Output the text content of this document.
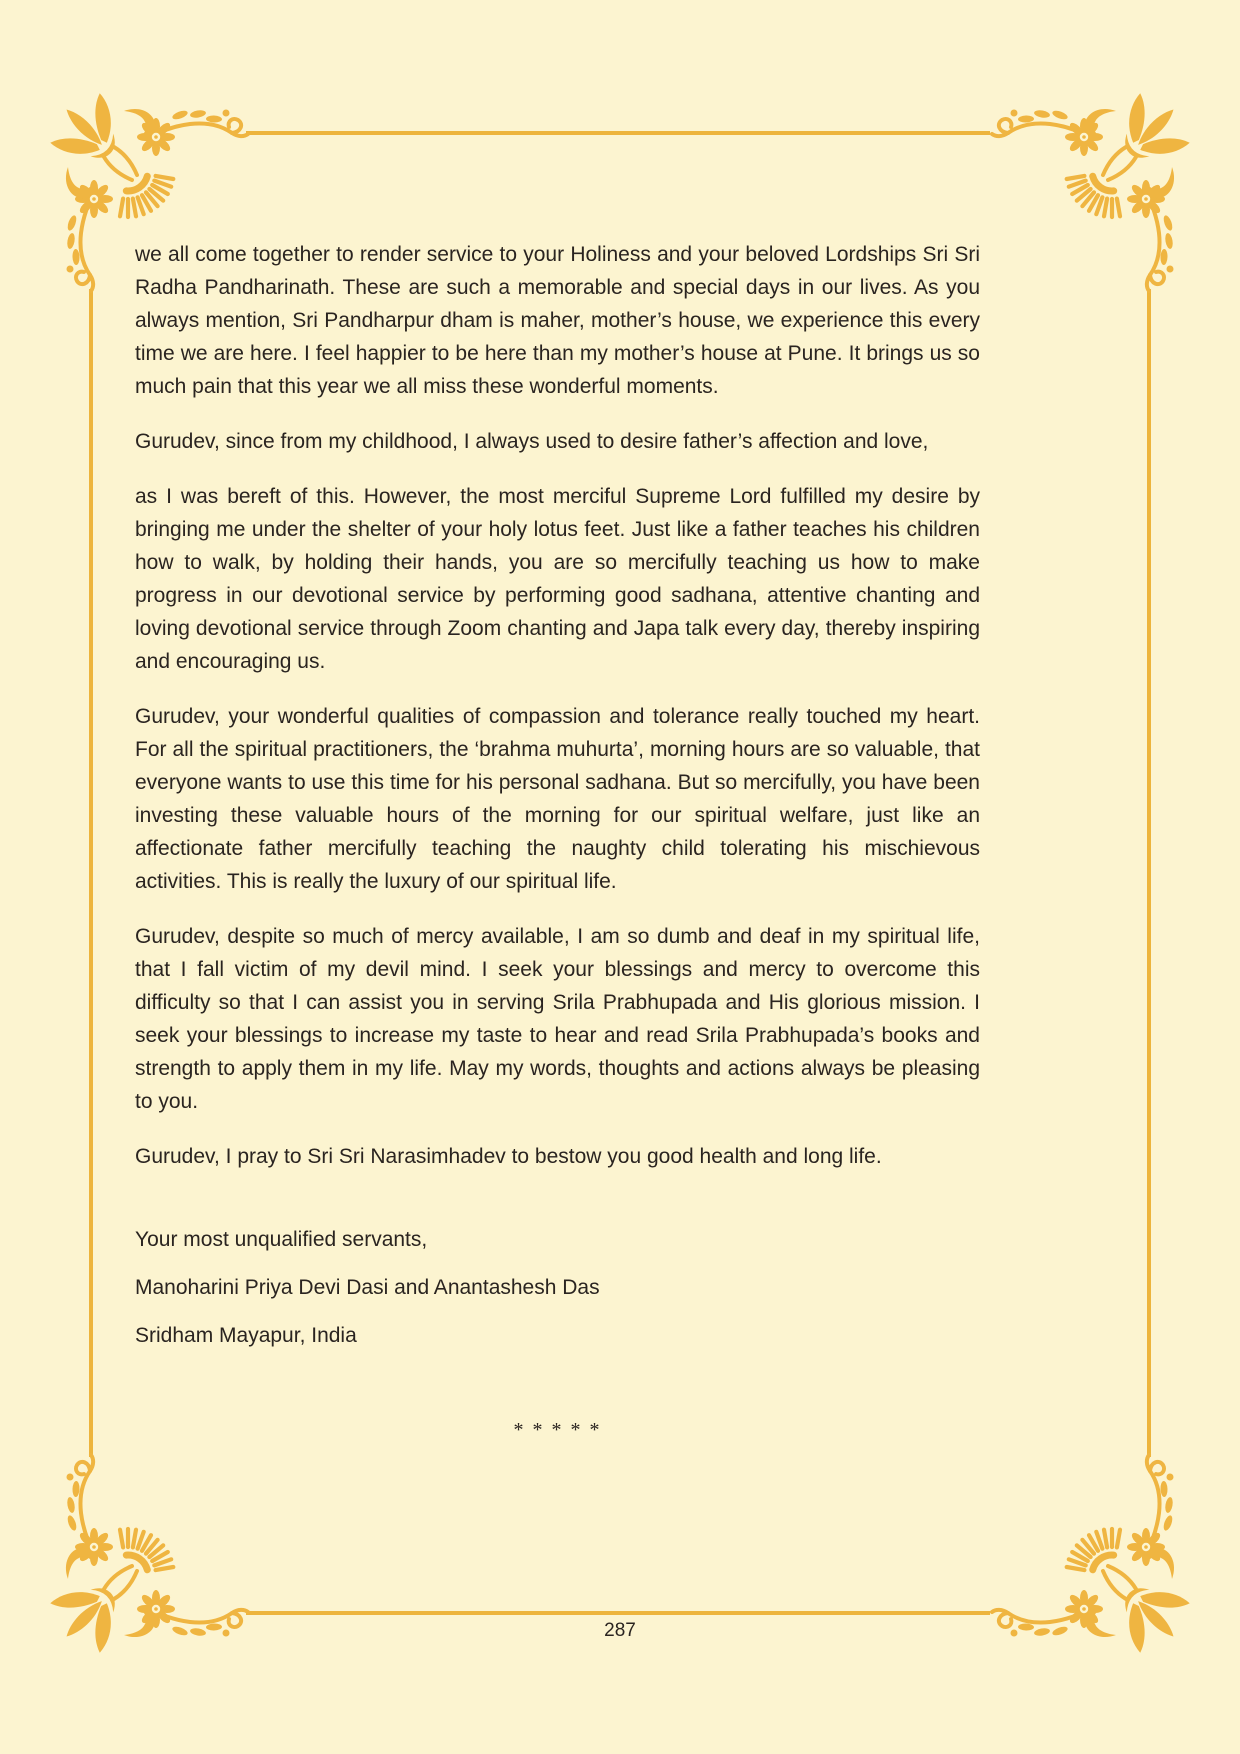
we all come together to render service to your Holiness and your beloved Lordships Sri Sri Radha Pandharinath. These are such a memorable and special days in our lives. As you always mention, Sri Pandharpur dham is maher, mother’s house, we experience this every time we are here. I feel happier to be here than my mother’s house at Pune. It brings us so much pain that this year we all miss these wonderful moments.

Gurudev, since from my childhood, I always used to desire father’s affection and love,

as I was bereft of this. However, the most merciful Supreme Lord fulfilled my desire by bringing me under the shelter of your holy lotus feet. Just like a father teaches his children how to walk, by holding their hands, you are so mercifully teaching us how to make progress in our devotional service by performing good sadhana, attentive chanting and loving devotional service through Zoom chanting and Japa talk every day, thereby inspiring and encouraging us.

Gurudev, your wonderful qualities of compassion and tolerance really touched my heart. For all the spiritual practitioners, the ‘brahma muhurta’, morning hours are so valuable, that everyone wants to use this time for his personal sadhana. But so mercifully, you have been investing these valuable hours of the morning for our spiritual welfare, just like an affectionate father mercifully teaching the naughty child tolerating his mischievous activities. This is really the luxury of our spiritual life.

Gurudev, despite so much of mercy available, I am so dumb and deaf in my spiritual life, that I fall victim of my devil mind. I seek your blessings and mercy to overcome this difficulty so that I can assist you in serving Srila Prabhupada and His glorious mission. I seek your blessings to increase my taste to hear and read Srila Prabhupada’s books and strength to apply them in my life. May my words, thoughts and actions always be pleasing to you.

Gurudev, I pray to Sri Sri Narasimhadev to bestow you good health and long life.

Your most unqualified servants,

Manoharini Priya Devi Dasi and Anantashesh Das

Sridham Mayapur, India

* * * * *
287
